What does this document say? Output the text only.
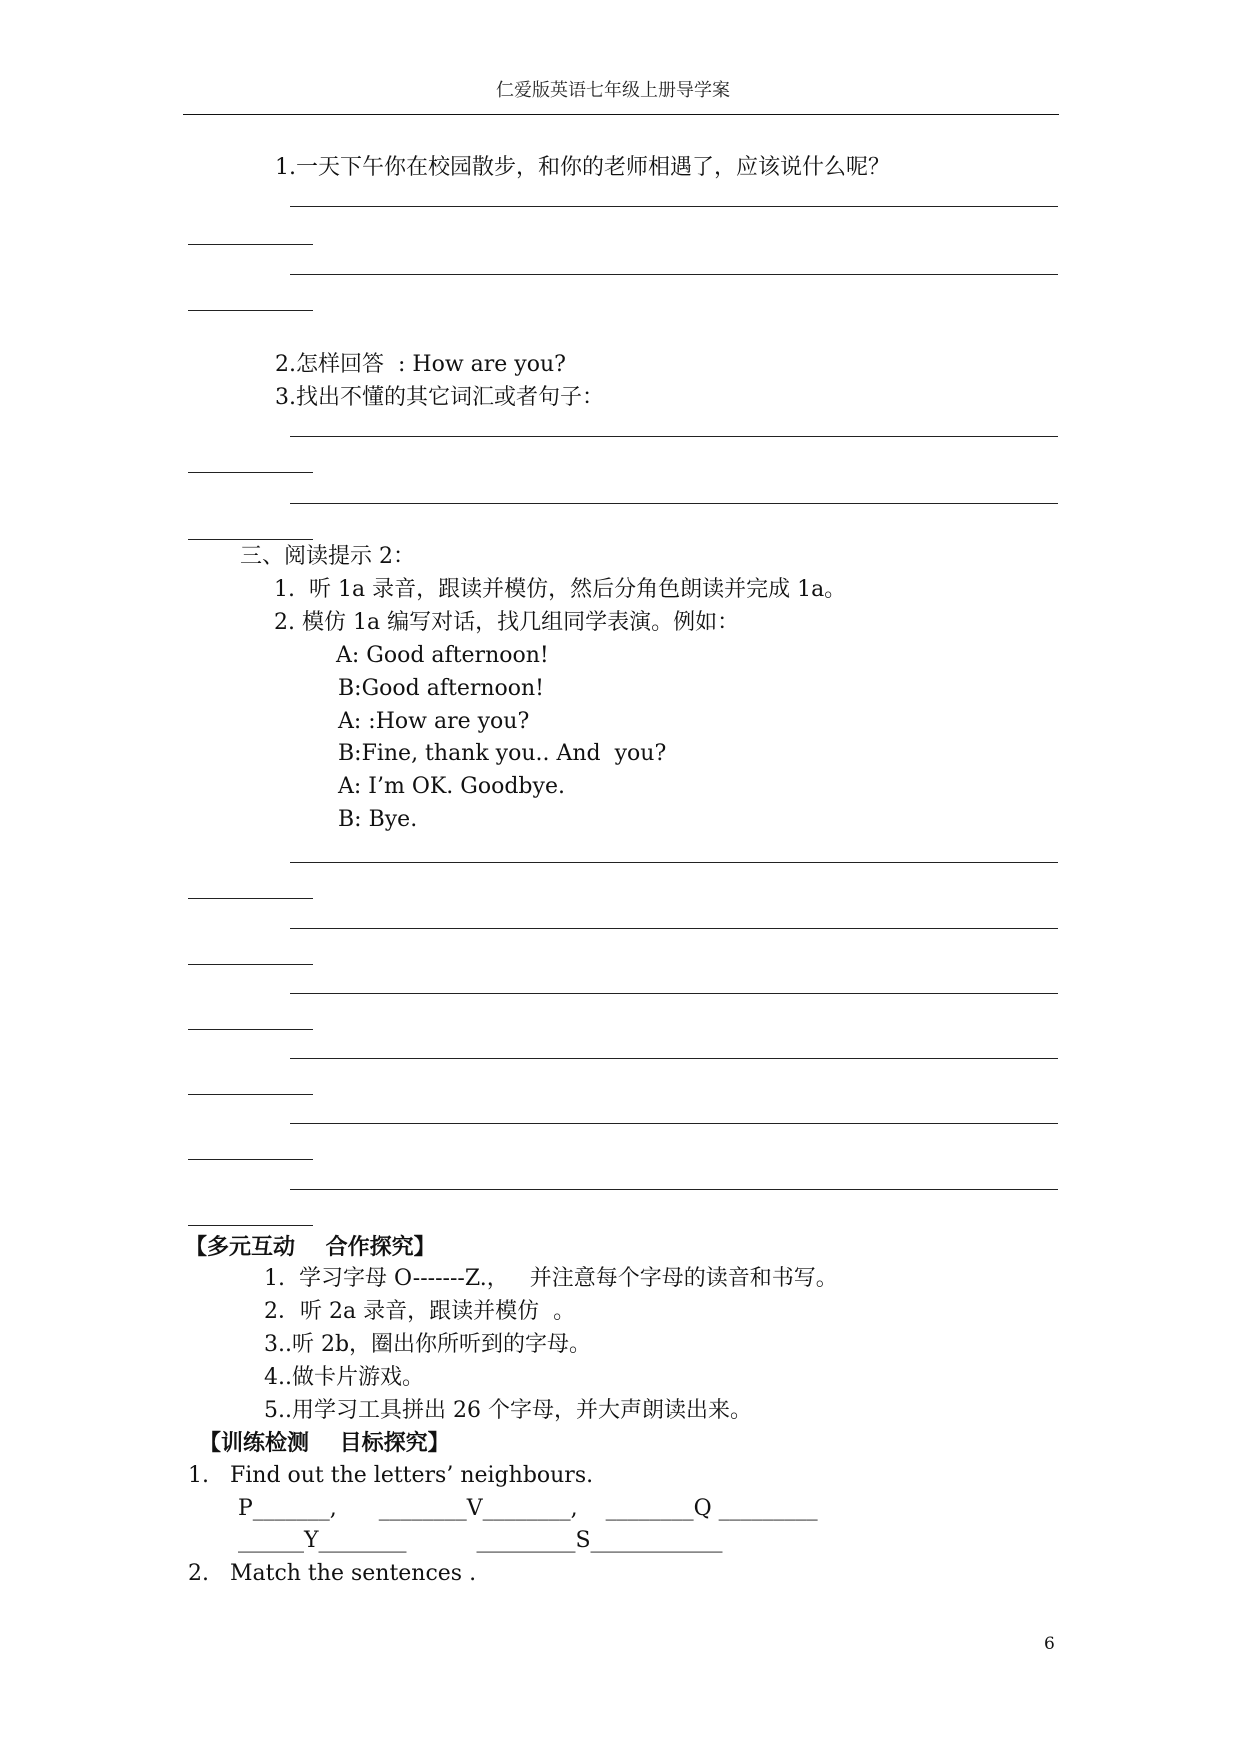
仁爱版英语七年级上册导学案
1.一天下午你在校园散步，和你的老师相遇了，应该说什么呢？
2.怎样回答  : How are you?
3.找出不懂的其它词汇或者句子：
三、阅读提示 2：
1.  听 1a 录音，跟读并模仿，然后分角色朗读并完成 1a。
2. 模仿 1a 编写对话，找几组同学表演。例如：
A: Good afternoon!
B:Good afternoon!
A: :How are you?
B:Fine, thank you.. And  you?
A: I’m OK. Goodbye.
B: Bye.
【多元互动    合作探究】
1.  学习字母 O-------Z.，   并注意每个字母的读音和书写。
2．听 2a 录音，跟读并模仿  。
3..听 2b，圈出你所听到的字母。
4..做卡片游戏。
5..用学习工具拼出 26 个字母，并大声朗读出来。
【训练检测    目标探究】
1.   Find out the letters’ neighbours.
P_______,      ________V________,    ________Q _________
______Y________          _________S____________
2.   Match the sentences .
6
